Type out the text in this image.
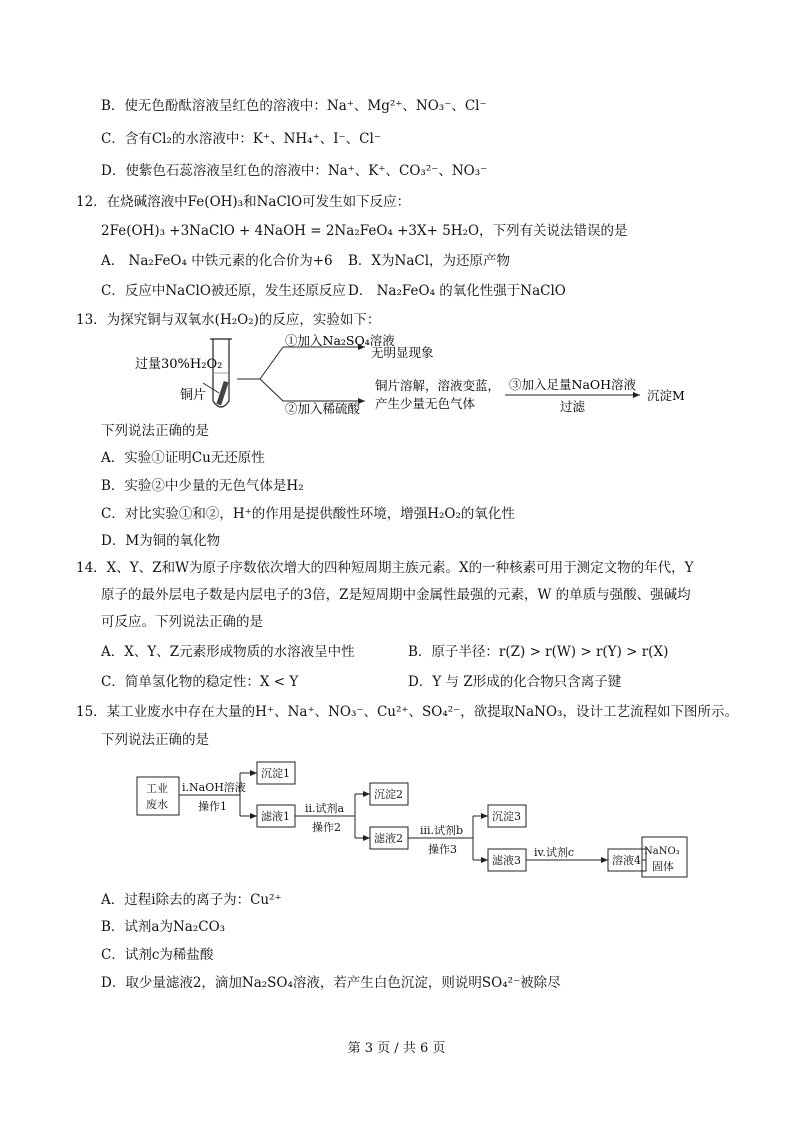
B．使无色酚酞溶液呈红色的溶液中：Na⁺、Mg²⁺、NO₃⁻、Cl⁻
C．含有Cl₂的水溶液中：K⁺、NH₄⁺、I⁻、Cl⁻
D．使紫色石蕊溶液呈红色的溶液中：Na⁺、K⁺、CO₃²⁻、NO₃⁻
12．在烧碱溶液中Fe(OH)₃和NaClO可发生如下反应：
2Fe(OH)₃ +3NaClO + 4NaOH = 2Na₂FeO₄ +3X+ 5H₂O，下列有关说法错误的是
A． Na₂FeO₄ 中铁元素的化合价为+6 B．X为NaCl，为还原产物
C．反应中NaClO被还原，发生还原反应 D． Na₂FeO₄ 的氧化性强于NaClO
13．为探究铜与双氧水(H₂O₂)的反应，实验如下：
过量30%H₂O₂
铜片
①加入Na₂SO₄溶液
无明显现象
②加入稀硫酸
铜片溶解，溶液变蓝，
产生少量无色气体
③加入足量NaOH溶液
过滤
沉淀M
下列说法正确的是
A．实验①证明Cu无还原性
B．实验②中少量的无色气体是H₂
C．对比实验①和②，H⁺的作用是提供酸性环境，增强H₂O₂的氧化性
D．M为铜的氧化物
14．X、Y、Z和W为原子序数依次增大的四种短周期主族元素。X的一种核素可用于测定文物的年代，Y
原子的最外层电子数是内层电子的3倍，Z是短周期中金属性最强的元素，W 的单质与强酸、强碱均
可反应。下列说法正确的是
A．X、Y、Z元素形成物质的水溶液呈中性	B．原子半径：r(Z) > r(W) > r(Y) > r(X)
C．简单氢化物的稳定性：X < Y	D．Y 与 Z形成的化合物只含离子键
15．某工业废水中存在大量的H⁺、Na⁺、NO₃⁻、Cu²⁺、SO₄²⁻，欲提取NaNO₃，设计工艺流程如下图所示。
下列说法正确的是
工业
废水
i.NaOH溶液
操作1
沉淀1
滤液1
ii.试剂a
操作2
沉淀2
滤液2
iii.试剂b
操作3
沉淀3
滤液3
iv.试剂c
溶液4
NaNO₃
固体
A．过程i除去的离子为：Cu²⁺
B．试剂a为Na₂CO₃
C．试剂c为稀盐酸
D．取少量滤液2，滴加Na₂SO₄溶液，若产生白色沉淀，则说明SO₄²⁻被除尽
第 3 页 / 共 6 页
